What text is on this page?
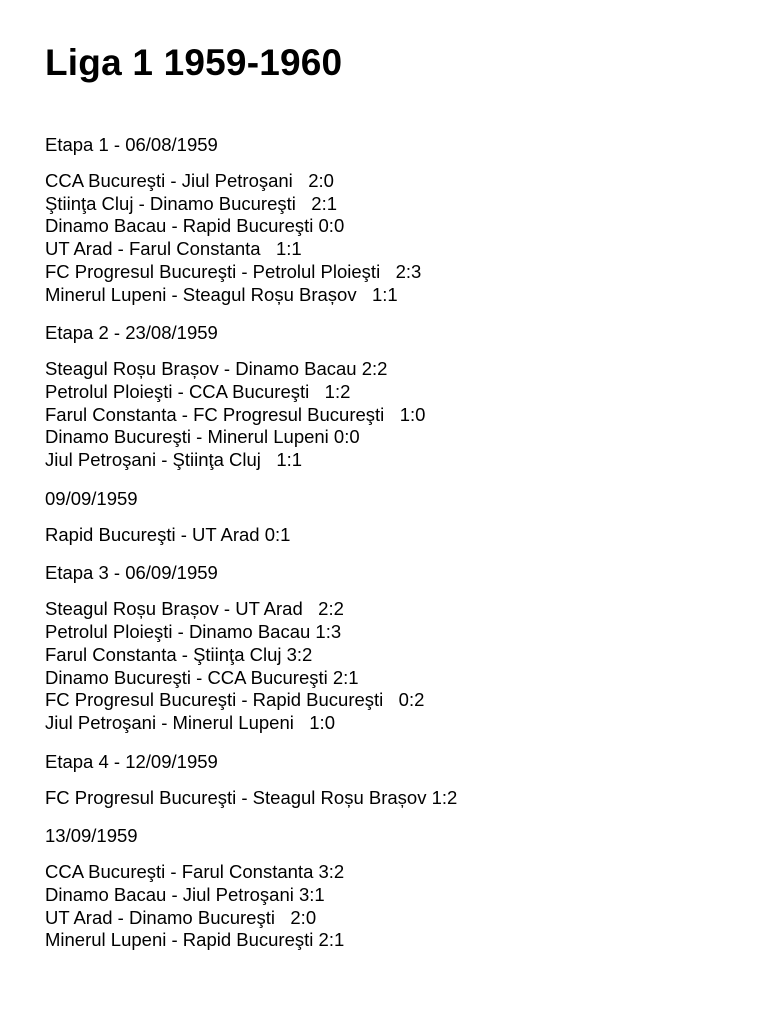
Liga 1 1959-1960

Etapa 1 - 06/08/1959

CCA Bucureşti - Jiul Petroşani   2:0
Ştiinţa Cluj - Dinamo Bucureşti   2:1
Dinamo Bacau - Rapid Bucureşti 0:0
UT Arad - Farul Constanta   1:1
FC Progresul Bucureşti - Petrolul Ploieşti   2:3
Minerul Lupeni - Steagul Roșu Brașov   1:1

Etapa 2 - 23/08/1959

Steagul Roșu Brașov - Dinamo Bacau 2:2
Petrolul Ploieşti - CCA Bucureşti   1:2
Farul Constanta - FC Progresul Bucureşti   1:0
Dinamo Bucureşti - Minerul Lupeni 0:0
Jiul Petroşani - Ştiinţa Cluj   1:1

09/09/1959

Rapid Bucureşti - UT Arad 0:1

Etapa 3 - 06/09/1959

Steagul Roșu Brașov - UT Arad   2:2
Petrolul Ploieşti - Dinamo Bacau 1:3
Farul Constanta - Ştiinţa Cluj 3:2
Dinamo Bucureşti - CCA Bucureşti 2:1
FC Progresul Bucureşti - Rapid Bucureşti   0:2
Jiul Petroşani - Minerul Lupeni   1:0

Etapa 4 - 12/09/1959

FC Progresul Bucureşti - Steagul Roșu Brașov 1:2

13/09/1959

CCA Bucureşti - Farul Constanta 3:2
Dinamo Bacau - Jiul Petroşani 3:1
UT Arad - Dinamo Bucureşti   2:0
Minerul Lupeni - Rapid Bucureşti 2:1
